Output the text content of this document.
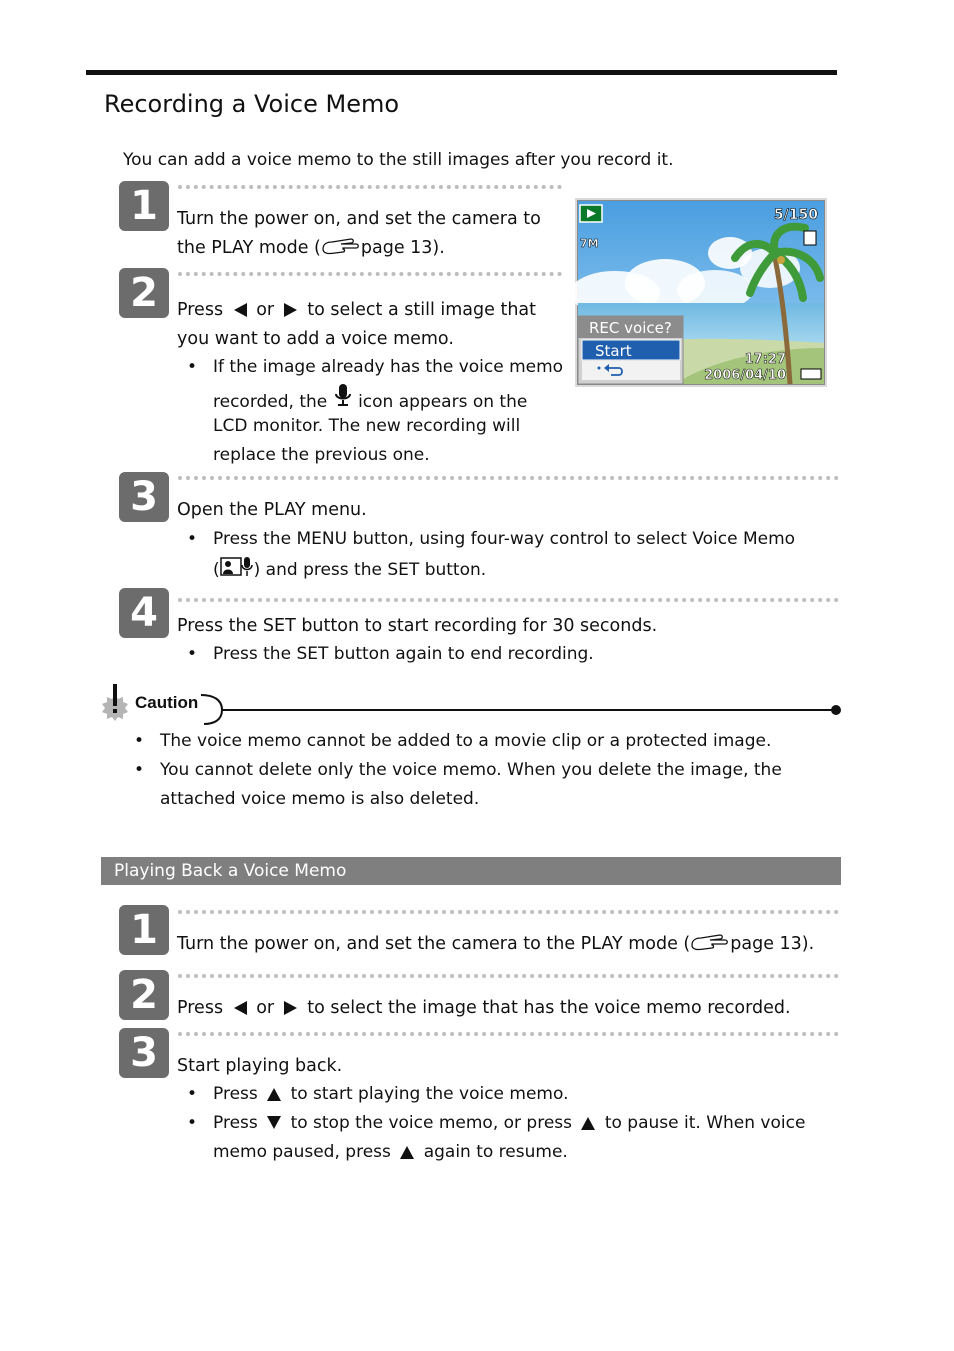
Recording a Voice Memo
You can add a voice memo to the still images after you record it.
1	Turn the power on, and set the camera to
the PLAY mode ( page 13).
2	Press or to select a still image that
you want to add a voice memo.
• If the image already has the voice memo
recorded, the icon appears on the
LCD monitor. The new recording will
replace the previous one.
5/150
7M
REC voice?
Start	17:27
2006/04/10
3	Open the PLAY menu.
• Press the MENU button, using four-way control to select Voice Memo
( ) and press the SET button.
4	Press the SET button to start recording for 30 seconds.
• Press the SET button again to end recording.
Caution
• The voice memo cannot be added to a movie clip or a protected image.
• You cannot delete only the voice memo. When you delete the image, the
attached voice memo is also deleted.
Playing Back a Voice Memo
1	Turn the power on, and set the camera to the PLAY mode ( page 13).
2	Press or to select the image that has the voice memo recorded.
3	Start playing back.
• Press to start playing the voice memo.
• Press to stop the voice memo, or press to pause it. When voice
memo paused, press again to resume.
